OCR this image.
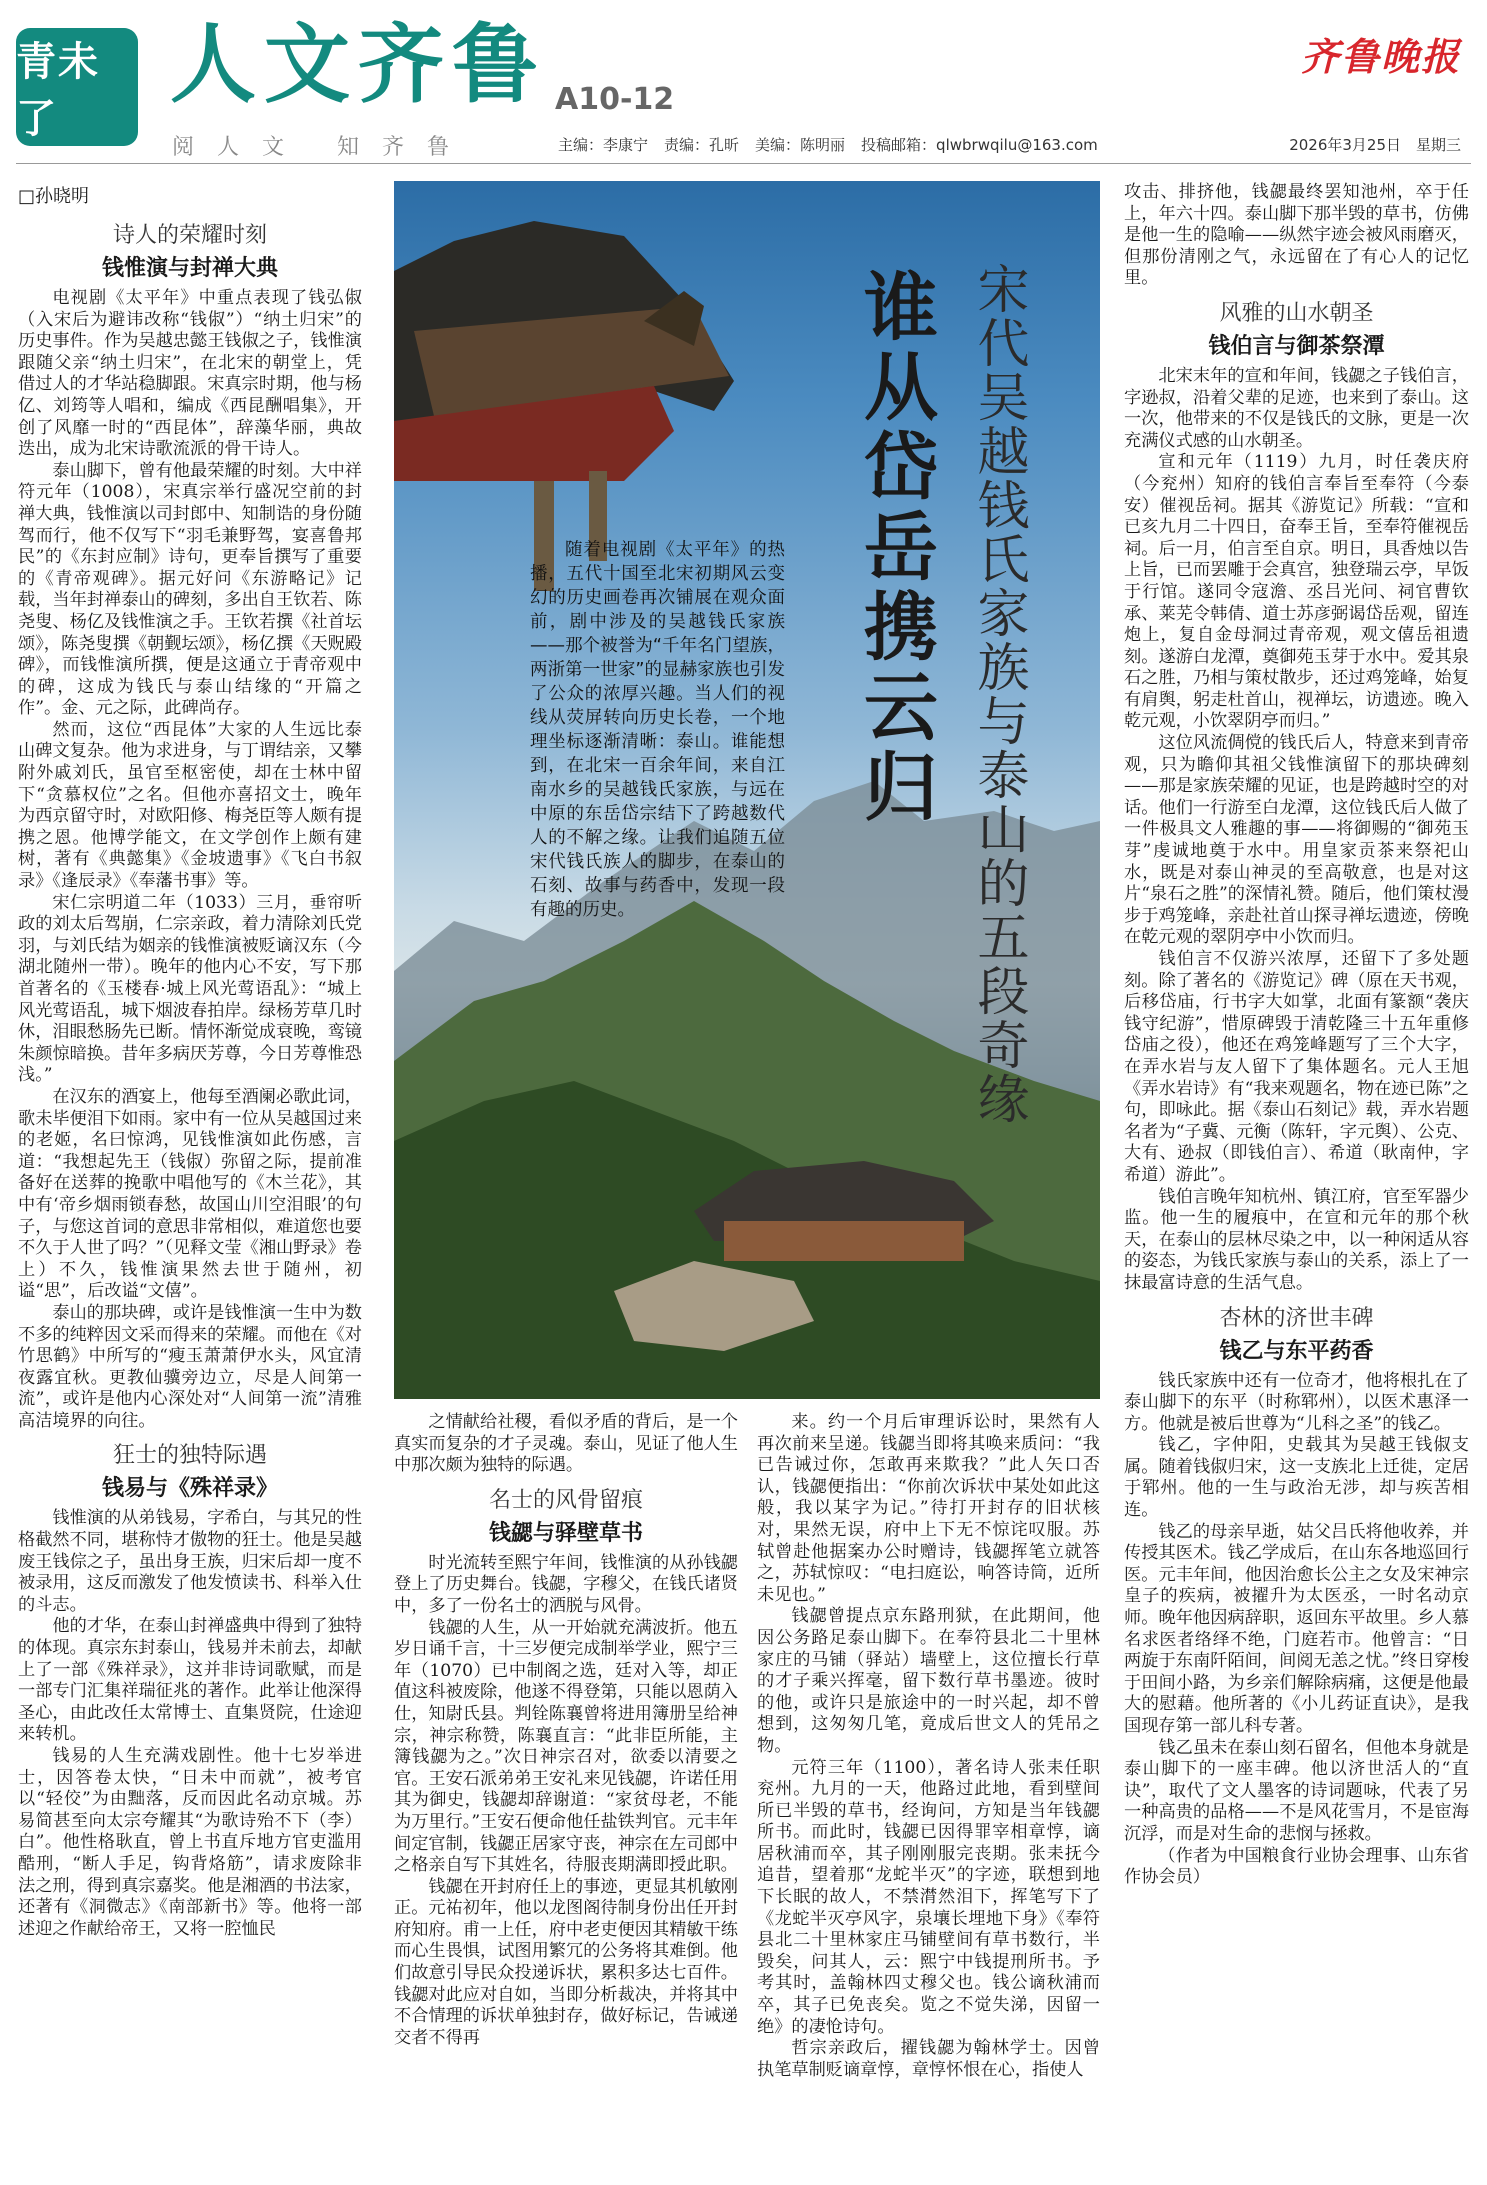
青未了
人文齐鲁
阅人文 知齐鲁
A10-12
主编：李康宁 责编：孔昕 美编：陈明丽 投稿邮箱：qlwbrwqilu@163.com
齐鲁晚报
2026年3月25日　星期三
□孙晓明
诗人的荣耀时刻
钱惟演与封禅大典

电视剧《太平年》中重点表现了钱弘俶（入宋后为避讳改称“钱俶”）“纳土归宋”的历史事件。作为吴越忠懿王钱俶之子，钱惟演跟随父亲“纳土归宋”，在北宋的朝堂上，凭借过人的才华站稳脚跟。宋真宗时期，他与杨亿、刘筠等人唱和，编成《西昆酬唱集》，开创了风靡一时的“西昆体”，辞藻华丽，典故迭出，成为北宋诗歌流派的骨干诗人。

泰山脚下，曾有他最荣耀的时刻。大中祥符元年（1008），宋真宗举行盛况空前的封禅大典，钱惟演以司封郎中、知制诰的身份随驾而行，他不仅写下“羽毛兼野驾，宴喜鲁邦民”的《东封应制》诗句，更奉旨撰写了重要的《青帝观碑》。据元好问《东游略记》记载，当年封禅泰山的碑刻，多出自王钦若、陈尧叟、杨亿及钱惟演之手。王钦若撰《社首坛颂》，陈尧叟撰《朝觐坛颂》，杨亿撰《天贶殿碑》，而钱惟演所撰，便是这通立于青帝观中的碑，这成为钱氏与泰山结缘的“开篇之作”。金、元之际，此碑尚存。

然而，这位“西昆体”大家的人生远比泰山碑文复杂。他为求进身，与丁谓结亲，又攀附外戚刘氏，虽官至枢密使，却在士林中留下“贪慕权位”之名。但他亦喜招文士，晚年为西京留守时，对欧阳修、梅尧臣等人颇有提携之恩。他博学能文，在文学创作上颇有建树，著有《典懿集》《金坡遗事》《飞白书叙录》《逢辰录》《奉藩书事》等。

宋仁宗明道二年（1033）三月，垂帘听政的刘太后驾崩，仁宗亲政，着力清除刘氏党羽，与刘氏结为姻亲的钱惟演被贬谪汉东（今湖北随州一带）。晚年的他内心不安，写下那首著名的《玉楼春·城上风光莺语乱》：“城上风光莺语乱，城下烟波春拍岸。绿杨芳草几时休，泪眼愁肠先已断。情怀渐觉成衰晚，鸾镜朱颜惊暗换。昔年多病厌芳尊，今日芳尊惟恐浅。”

在汉东的酒宴上，他每至酒阑必歌此词，歌未毕便泪下如雨。家中有一位从吴越国过来的老姬，名曰惊鸿，见钱惟演如此伤感，言道：“我想起先王（钱俶）弥留之际，提前准备好在送葬的挽歌中唱他写的《木兰花》，其中有‘帝乡烟雨锁春愁，故国山川空泪眼’的句子，与您这首词的意思非常相似，难道您也要不久于人世了吗？”（见释文莹《湘山野录》卷上）不久，钱惟演果然去世于随州，初谥“思”，后改谥“文僖”。

泰山的那块碑，或许是钱惟演一生中为数不多的纯粹因文采而得来的荣耀。而他在《对竹思鹤》中所写的“瘦玉萧萧伊水头，风宜清夜露宜秋。更教仙骥旁边立，尽是人间第一流”，或许是他内心深处对“人间第一流”清雅高洁境界的向往。

狂士的独特际遇
钱易与《殊祥录》

钱惟演的从弟钱易，字希白，与其兄的性格截然不同，堪称恃才傲物的狂士。他是吴越废王钱倧之子，虽出身王族，归宋后却一度不被录用，这反而激发了他发愤读书、科举入仕的斗志。

他的才华，在泰山封禅盛典中得到了独特的体现。真宗东封泰山，钱易并未前去，却献上了一部《殊祥录》，这并非诗词歌赋，而是一部专门汇集祥瑞征兆的著作。此举让他深得圣心，由此改任太常博士、直集贤院，仕途迎来转机。

钱易的人生充满戏剧性。他十七岁举进士，因答卷太快，“日未中而就”，被考官以“轻佼”为由黜落，反而因此名动京城。苏易简甚至向太宗夸耀其“为歌诗殆不下（李）白”。他性格耿直，曾上书直斥地方官吏滥用酷刑，“断人手足，钩背烙筋”，请求废除非法之刑，得到真宗嘉奖。他是湘酒的书法家，还著有《洞微志》《南部新书》等。他将一部述迎之作献给帝王，又将一腔恤民

谁从岱岳携云归 宋代吴越钱氏家族与泰山的五段奇缘

随着电视剧《太平年》的热播，五代十国至北宋初期风云变幻的历史画卷再次铺展在观众面前，剧中涉及的吴越钱氏家族——那个被誉为“千年名门望族，两浙第一世家”的显赫家族也引发了公众的浓厚兴趣。当人们的视线从荧屏转向历史长卷，一个地理坐标逐渐清晰：泰山。谁能想到，在北宋一百余年间，来自江南水乡的吴越钱氏家族，与远在中原的东岳岱宗结下了跨越数代人的不解之缘。让我们追随五位宋代钱氏族人的脚步，在泰山的石刻、故事与药香中，发现一段有趣的历史。

之情献给社稷，看似矛盾的背后，是一个真实而复杂的才子灵魂。泰山，见证了他人生中那次颇为独特的际遇。

名士的风骨留痕
钱勰与驿壁草书

时光流转至熙宁年间，钱惟演的从孙钱勰登上了历史舞台。钱勰，字穆父，在钱氏诸贤中，多了一份名士的洒脱与风骨。

钱勰的人生，从一开始就充满波折。他五岁日诵千言，十三岁便完成制举学业，熙宁三年（1070）已中制阁之选，廷对入等，却正值这科被废除，他遂不得登第，只能以恩荫入仕，知尉氏县。判铨陈襄曾将进用簿册呈给神宗，神宗称赞，陈襄直言：“此非臣所能，主簿钱勰为之。”次日神宗召对，欲委以清要之官。王安石派弟弟王安礼来见钱勰，许诺任用其为御史，钱勰却辞谢道：“家贫母老，不能为万里行。”王安石便命他任盐铁判官。元丰年间定官制，钱勰正居家守丧，神宗在左司郎中之格亲自写下其姓名，待服丧期满即授此职。

钱勰在开封府任上的事迹，更显其机敏刚正。元祐初年，他以龙图阁待制身份出任开封府知府。甫一上任，府中老吏便因其精敏干练而心生畏惧，试图用繁冗的公务将其难倒。他们故意引导民众投递诉状，累积多达七百件。钱勰对此应对自如，当即分析裁决，并将其中不合情理的诉状单独封存，做好标记，告诫递交者不得再

来。约一个月后审理诉讼时，果然有人再次前来呈递。钱勰当即将其唤来质问：“我已告诫过你，怎敢再来欺我？”此人矢口否认，钱勰便指出：“你前次诉状中某处如此这般，我以某字为记。”待打开封存的旧状核对，果然无误，府中上下无不惊诧叹服。苏轼曾赴他据案办公时赠诗，钱勰挥笔立就答之，苏轼惊叹：“电扫庭讼，响答诗筒，近所未见也。”

钱勰曾提点京东路刑狱，在此期间，他因公务路足泰山脚下。在奉符县北二十里林家庄的马铺（驿站）墙壁上，这位擅长行草的才子乘兴挥毫，留下数行草书墨迹。彼时的他，或许只是旅途中的一时兴起，却不曾想到，这匆匆几笔，竟成后世文人的凭吊之物。

元符三年（1100），著名诗人张耒任职兖州。九月的一天，他路过此地，看到壁间所已半毁的草书，经询问，方知是当年钱勰所书。而此时，钱勰已因得罪宰相章惇，谪居秋浦而卒，其子刚刚服完丧期。张耒抚今追昔，望着那“龙蛇半灭”的字迹，联想到地下长眠的故人，不禁潸然泪下，挥笔写下了《龙蛇半灭亭风字，泉壤长埋地下身》《奉符县北二十里林家庄马铺壁间有草书数行，半毁矣，问其人，云：熙宁中钱提刑所书。予考其时，盖翰林四丈穆父也。钱公谪秋浦而卒，其子已免丧矣。览之不觉失涕，因留一绝》的凄怆诗句。

哲宗亲政后，擢钱勰为翰林学士。因曾执笔草制贬谪章惇，章惇怀恨在心，指使人

攻击、排挤他，钱勰最终罢知池州，卒于任上，年六十四。泰山脚下那半毁的草书，仿佛是他一生的隐喻——纵然宇迹会被风雨磨灭，但那份清刚之气，永远留在了有心人的记忆里。

风雅的山水朝圣
钱伯言与御茶祭潭

北宋末年的宣和年间，钱勰之子钱伯言，字逊叔，沿着父辈的足迹，也来到了泰山。这一次，他带来的不仅是钱氏的文脉，更是一次充满仪式感的山水朝圣。

宣和元年（1119）九月，时任袭庆府（今兖州）知府的钱伯言奉旨至奉符（今泰安）催视岳祠。据其《游览记》所载：“宣和已亥九月二十四日，奋奉王旨，至奉符催视岳祠。后一月，伯言至自京。明日，具香烛以告上旨，已而罢雕于会真宫，独登瑞云亭，早饭于行馆。遂同令寇澹、丞吕光问、祠官曹钦承、莱芜令韩倩、道士苏彦弼谒岱岳观，留连炮上，复自金母洞过青帝观，观文僖岳祖遗刻。遂游白龙潭，奠御苑玉芽于水中。爱其泉石之胜，乃相与策杖散步，还过鸡笼峰，始复有肩舆，躬走杜首山，视禅坛，访遗迹。晚入乾元观，小饮翠阴亭而归。”

这位风流倜傥的钱氏后人，特意来到青帝观，只为瞻仰其祖父钱惟演留下的那块碑刻——那是家族荣耀的见证，也是跨越时空的对话。他们一行游至白龙潭，这位钱氏后人做了一件极具文人雅趣的事——将御赐的“御苑玉芽”虔诚地奠于水中。用皇家贡茶来祭祀山水，既是对泰山神灵的至高敬意，也是对这片“泉石之胜”的深情礼赞。随后，他们策杖漫步于鸡笼峰，亲赴社首山探寻禅坛遗迹，傍晚在乾元观的翠阴亭中小饮而归。

钱伯言不仅游兴浓厚，还留下了多处题刻。除了著名的《游览记》碑（原在天书观，后移岱庙，行书字大如掌，北面有篆额“袭庆钱守纪游”，惜原碑毁于清乾隆三十五年重修岱庙之役），他还在鸡笼峰题写了三个大字，在弄水岩与友人留下了集体题名。元人王旭《弄水岩诗》有“我来观题名，物在迹已陈”之句，即咏此。据《泰山石刻记》载，弄水岩题名者为“子冀、元衡（陈轩，字元舆）、公克、大有、逊叔（即钱伯言）、希道（耿南仲，字希道）游此”。

钱伯言晚年知杭州、镇江府，官至军器少监。他一生的履痕中，在宣和元年的那个秋天，在泰山的层林尽染之中，以一种闲适从容的姿态，为钱氏家族与泰山的关系，添上了一抹最富诗意的生活气息。

杏林的济世丰碑
钱乙与东平药香

钱氏家族中还有一位奇才，他将根扎在了泰山脚下的东平（时称郓州），以医术惠泽一方。他就是被后世尊为“儿科之圣”的钱乙。

钱乙，字仲阳，史载其为吴越王钱俶支属。随着钱俶归宋，这一支族北上迁徙，定居于郓州。他的一生与政治无涉，却与疾苦相连。

钱乙的母亲早逝，姑父吕氏将他收养，并传授其医术。钱乙学成后，在山东各地巡回行医。元丰年间，他因治愈长公主之女及宋神宗皇子的疾病，被擢升为太医丞，一时名动京师。晚年他因病辞职，返回东平故里。乡人慕名求医者络绎不绝，门庭若市。他曾言：“日两旋于东南阡陌间，间阅无恙之忧。”终日穿梭于田间小路，为乡亲们解除病痛，这便是他最大的慰藉。他所著的《小儿药证直诀》，是我国现存第一部儿科专著。

钱乙虽未在泰山刻石留名，但他本身就是泰山脚下的一座丰碑。他以济世活人的“直诀”，取代了文人墨客的诗词题咏，代表了另一种高贵的品格——不是风花雪月，不是宦海沉浮，而是对生命的悲悯与拯救。

（作者为中国粮食行业协会理事、山东省作协会员）
